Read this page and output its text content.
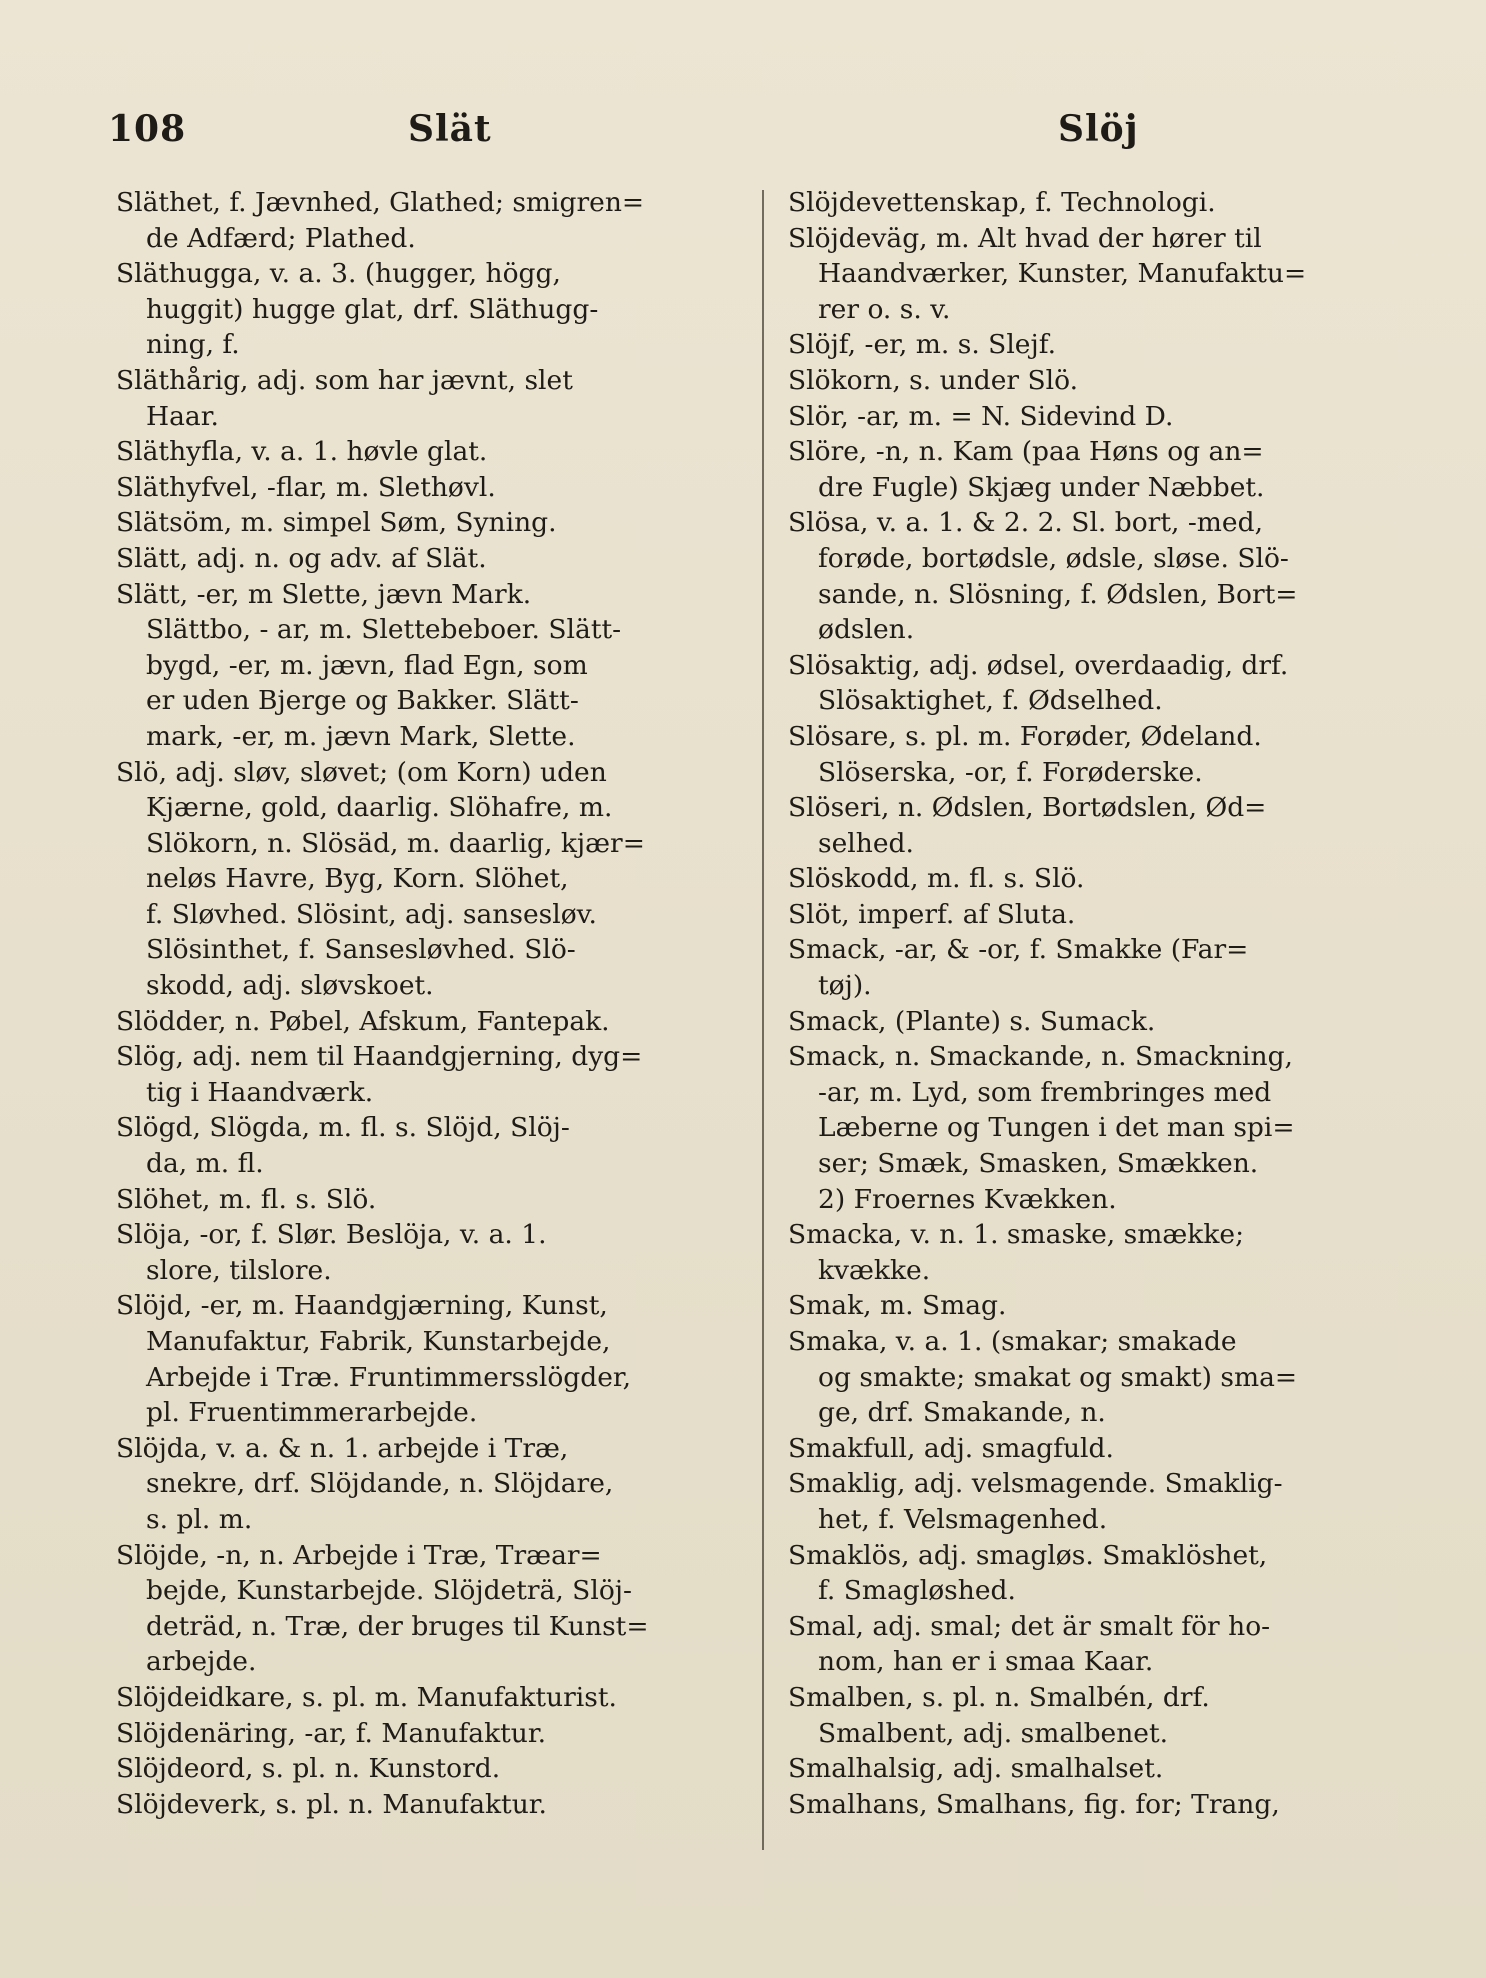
108	Slät	Slöj
Släthet, f. Jævnhed, Glathed; smigren=
de Adfærd; Plathed.
Släthugga, v. a. 3. (hugger, högg,
huggit) hugge glat, drf. Släthugg-
ning, f.
Släthårig, adj. som har jævnt, slet
Haar.
Släthyfla, v. a. 1. høvle glat.
Släthyfvel, -flar, m. Slethøvl.
Slätsöm, m. simpel Søm, Syning.
Slätt, adj. n. og adv. af Slät.
Slätt, -er, m Slette, jævn Mark.
Slättbo, - ar, m. Slettebeboer. Slätt-
bygd, -er, m. jævn, flad Egn, som
er uden Bjerge og Bakker. Slätt-
mark, -er, m. jævn Mark, Slette.
Slö, adj. sløv, sløvet; (om Korn) uden
Kjærne, gold, daarlig. Slöhafre, m.
Slökorn, n. Slösäd, m. daarlig, kjær=
neløs Havre, Byg, Korn. Slöhet,
f. Sløvhed. Slösint, adj. sansesløv.
Slösinthet, f. Sansesløvhed. Slö-
skodd, adj. sløvskoet.
Slödder, n. Pøbel, Afskum, Fantepak.
Slög, adj. nem til Haandgjerning, dyg=
tig i Haandværk.
Slögd, Slögda, m. fl. s. Slöjd, Slöj-
da, m. fl.
Slöhet, m. fl. s. Slö.
Slöja, -or, f. Slør. Beslöja, v. a. 1.
slore, tilslore.
Slöjd, -er, m. Haandgjærning, Kunst,
Manufaktur, Fabrik, Kunstarbejde,
Arbejde i Træ. Fruntimmersslögder,
pl. Fruentimmerarbejde.
Slöjda, v. a. & n. 1. arbejde i Træ,
snekre, drf. Slöjdande, n. Slöjdare,
s. pl. m.
Slöjde, -n, n. Arbejde i Træ, Træar=
bejde, Kunstarbejde. Slöjdeträ, Slöj-
deträd, n. Træ, der bruges til Kunst=
arbejde.
Slöjdeidkare, s. pl. m. Manufakturist.
Slöjdenäring, -ar, f. Manufaktur.
Slöjdeord, s. pl. n. Kunstord.
Slöjdeverk, s. pl. n. Manufaktur.
Slöjdevettenskap, f. Technologi.
Slöjdeväg, m. Alt hvad der hører til
Haandværker, Kunster, Manufaktu=
rer o. s. v.
Slöjf, -er, m. s. Slejf.
Slökorn, s. under Slö.
Slör, -ar, m. = N. Sidevind D.
Slöre, -n, n. Kam (paa Høns og an=
dre Fugle) Skjæg under Næbbet.
Slösa, v. a. 1. & 2. 2. Sl. bort, -med,
forøde, bortødsle, ødsle, sløse. Slö-
sande, n. Slösning, f. Ødslen, Bort=
ødslen.
Slösaktig, adj. ødsel, overdaadig, drf.
Slösaktighet, f. Ødselhed.
Slösare, s. pl. m. Forøder, Ødeland.
Slöserska, -or, f. Forøderske.
Slöseri, n. Ødslen, Bortødslen, Ød=
selhed.
Slöskodd, m. fl. s. Slö.
Slöt, imperf. af Sluta.
Smack, -ar, & -or, f. Smakke (Far=
tøj).
Smack, (Plante) s. Sumack.
Smack, n. Smackande, n. Smackning,
-ar, m. Lyd, som frembringes med
Læberne og Tungen i det man spi=
ser; Smæk, Smasken, Smækken.
2) Froernes Kvækken.
Smacka, v. n. 1. smaske, smække;
kvække.
Smak, m. Smag.
Smaka, v. a. 1. (smakar; smakade
og smakte; smakat og smakt) sma=
ge, drf. Smakande, n.
Smakfull, adj. smagfuld.
Smaklig, adj. velsmagende. Smaklig-
het, f. Velsmagenhed.
Smaklös, adj. smagløs. Smaklöshet,
f. Smagløshed.
Smal, adj. smal; det är smalt för ho-
nom, han er i smaa Kaar.
Smalben, s. pl. n. Smalbén, drf.
Smalbent, adj. smalbenet.
Smalhalsig, adj. smalhalset.
Smalhans, Smalhans, fig. for; Trang,
